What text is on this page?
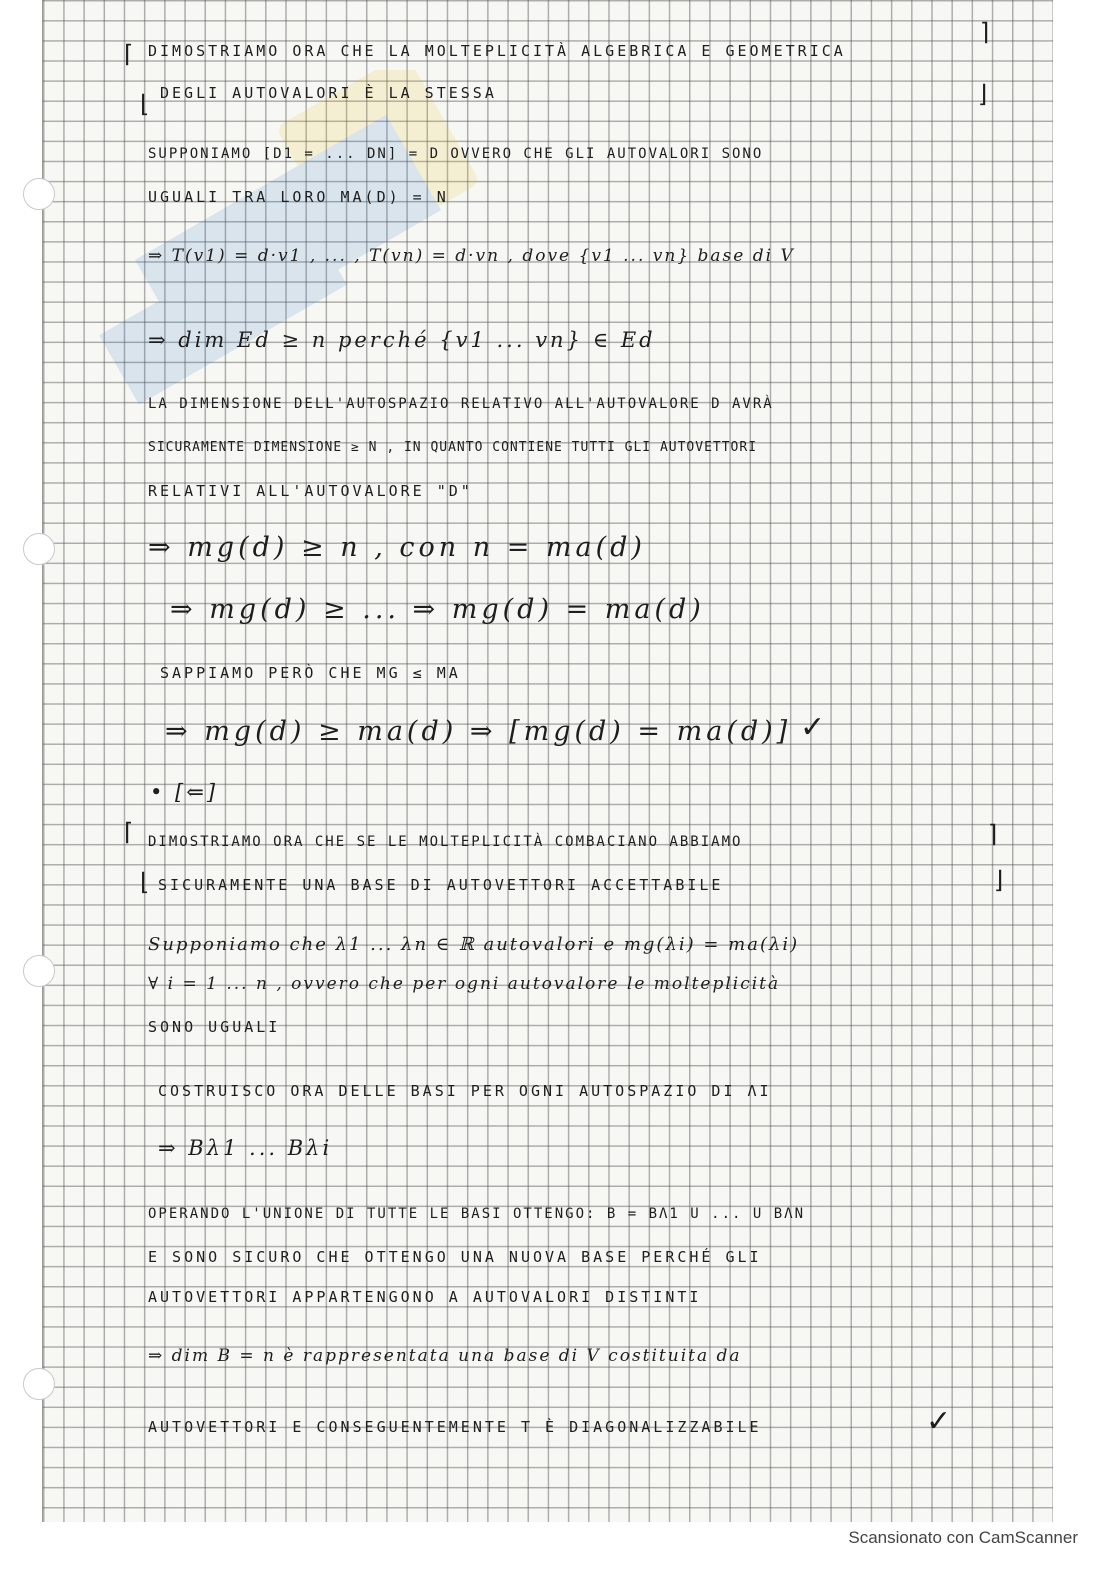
⌈
⌉
⌊	⌋
DIMOSTRIAMO ORA CHE LA MOLTEPLICITÀ ALGEBRICA E GEOMETRICA
DEGLI AUTOVALORI È LA STESSA
SUPPONIAMO [D1 = ... DN] = D OVVERO CHE GLI AUTOVALORI SONO
UGUALI TRA LORO MA(D) = N
⇒ T(v1) = d·v1 , ... , T(vn) = d·vn , dove {v1 ... vn} base di V
⇒ dim Ed ≥ n perché {v1 ... vn} ∈ Ed
LA DIMENSIONE DELL'AUTOSPAZIO RELATIVO ALL'AUTOVALORE D AVRÀ
SICURAMENTE DIMENSIONE ≥ N , IN QUANTO CONTIENE TUTTI GLI AUTOVETTORI
RELATIVI ALL'AUTOVALORE "D"
⇒ mg(d) ≥ n , con n = ma(d)
⇒ mg(d) ≥ ... ⇒ mg(d) = ma(d)
SAPPIAMO PERÒ CHE MG ≤ MA
⇒ mg(d) ≥ ma(d) ⇒ [mg(d) = ma(d)] ✓
• [⇐]
⌈	⌉
⌊	⌋
DIMOSTRIAMO ORA CHE SE LE MOLTEPLICITÀ COMBACIANO ABBIAMO
SICURAMENTE UNA BASE DI AUTOVETTORI ACCETTABILE
Supponiamo che λ1 ... λn ∈ ℝ autovalori e mg(λi) = ma(λi)
∀ i = 1 ... n , ovvero che per ogni autovalore le molteplicità
SONO UGUALI
COSTRUISCO ORA DELLE BASI PER OGNI AUTOSPAZIO DI ΛI
⇒ Bλ1 ... Bλi
OPERANDO L'UNIONE DI TUTTE LE BASI OTTENGO: B = BΛ1 U ... U BΛN
E SONO SICURO CHE OTTENGO UNA NUOVA BASE PERCHÉ GLI
AUTOVETTORI APPARTENGONO A AUTOVALORI DISTINTI
⇒ dim B = n è rappresentata una base di V costituita da
AUTOVETTORI E CONSEGUENTEMENTE T È DIAGONALIZZABILE	✓
Scansionato con CamScanner
